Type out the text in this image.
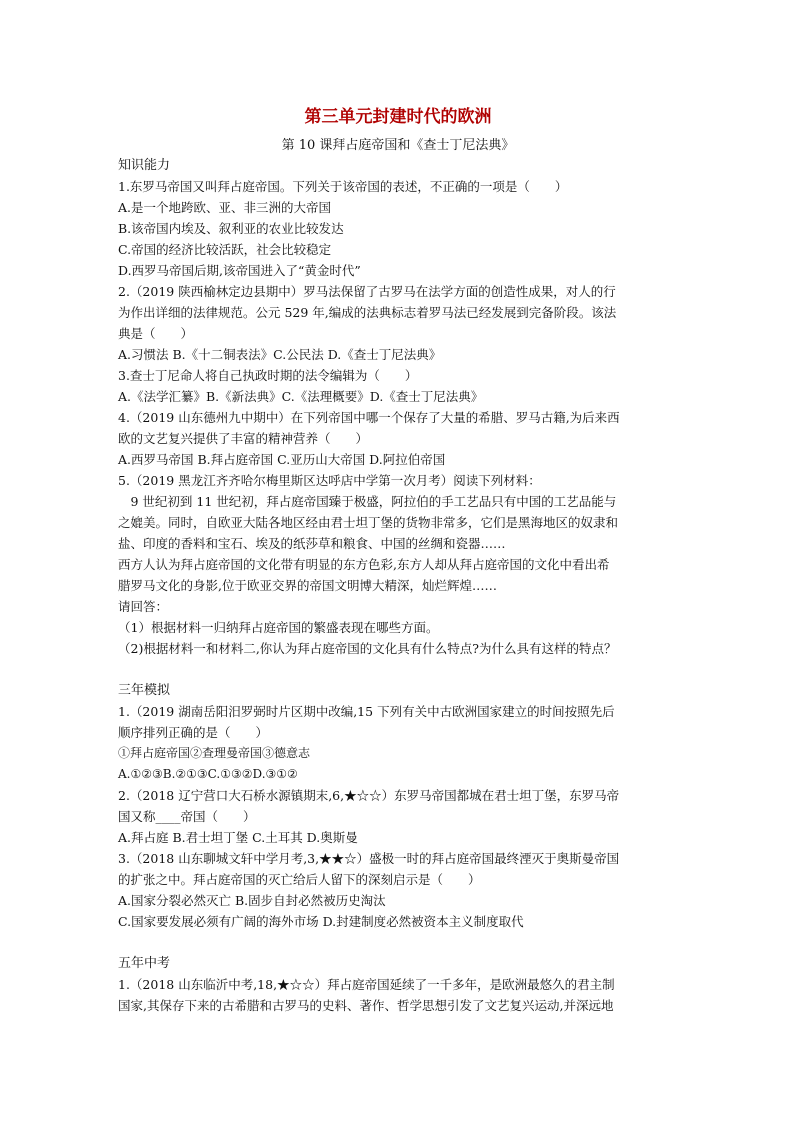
第三单元封建时代的欧洲

第 10 课拜占庭帝国和《查士丁尼法典》

知识能力

1.东罗马帝国又叫拜占庭帝国。下列关于该帝国的表述，不正确的一项是（　　）

A.是一个地跨欧、亚、非三洲的大帝国

B.该帝国内埃及、叙利亚的农业比较发达

C.帝国的经济比较活跃，社会比较稳定

D.西罗马帝国后期,该帝国进入了“黄金时代”

2.（2019 陕西榆林定边县期中）罗马法保留了古罗马在法学方面的创造性成果，对人的行

为作出详细的法律规范。公元 529 年,编成的法典标志着罗马法已经发展到完备阶段。该法

典是（　　）

A.习惯法 B.《十二铜表法》C.公民法 D.《查士丁尼法典》

3.查士丁尼命人将自己执政时期的法令编辑为（　　）

A.《法学汇纂》B.《新法典》C.《法理概要》D.《查士丁尼法典》

4.（2019 山东德州九中期中）在下列帝国中哪一个保存了大量的希腊、罗马古籍,为后来西

欧的文艺复兴提供了丰富的精神营养（　　）

A.西罗马帝国 B.拜占庭帝国 C.亚历山大帝国 D.阿拉伯帝国

5.（2019 黑龙江齐齐哈尔梅里斯区达呼店中学第一次月考）阅读下列材料：

9 世纪初到 11 世纪初，拜占庭帝国臻于极盛，阿拉伯的手工艺品只有中国的工艺品能与

之媲美。同时，自欧亚大陆各地区经由君士坦丁堡的货物非常多，它们是黑海地区的奴隶和

盐、印度的香料和宝石、埃及的纸莎草和粮食、中国的丝绸和瓷器……

西方人认为拜占庭帝国的文化带有明显的东方色彩,东方人却从拜占庭帝国的文化中看出希

腊罗马文化的身影,位于欧亚交界的帝国文明博大精深，灿烂辉煌……

请回答：

（1）根据材料一归纳拜占庭帝国的繁盛表现在哪些方面。

（2)根据材料一和材料二,你认为拜占庭帝国的文化具有什么特点?为什么具有这样的特点？

三年模拟

1.（2019 湖南岳阳汨罗弼时片区期中改编,15 下列有关中古欧洲国家建立的时间按照先后

顺序排列正确的是（　　）

①拜占庭帝国②查理曼帝国③德意志

A.①②③B.②①③C.①③②D.③①②

2.（2018 辽宁营口大石桥水源镇期末,6,★☆☆）东罗马帝国都城在君士坦丁堡，东罗马帝

国又称____帝国（　　）

A.拜占庭 B.君士坦丁堡 C.土耳其 D.奥斯曼

3.（2018 山东聊城文轩中学月考,3,★★☆）盛极一时的拜占庭帝国最终湮灭于奥斯曼帝国

的扩张之中。拜占庭帝国的灭亡给后人留下的深刻启示是（　　）

A.国家分裂必然灭亡 B.固步自封必然被历史淘汰

C.国家要发展必须有广阔的海外市场 D.封建制度必然被资本主义制度取代

五年中考

1.（2018 山东临沂中考,18,★☆☆）拜占庭帝国延续了一千多年，是欧洲最悠久的君主制

国家,其保存下来的古希腊和古罗马的史料、著作、哲学思想引发了文艺复兴运动,并深远地
